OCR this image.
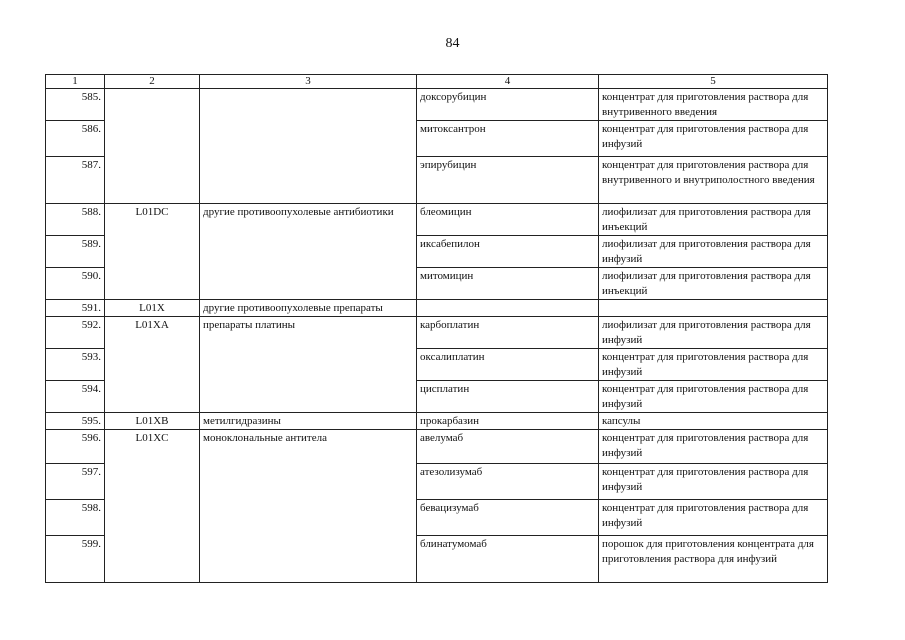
84
1	2	3	4	5
585.			доксорубицин	концентрат для приготовления раствора для внутривенного введения
586.			митоксантрон	концентрат для приготовления раствора для инфузий
587.			эпирубицин	концентрат для приготовления раствора для внутривенного и внутриполостного введения
588.	L01DC	другие противоопухолевые антибиотики	блеомицин	лиофилизат для приготовления раствора для инъекций
589.			иксабепилон	лиофилизат для приготовления раствора для инфузий
590.			митомицин	лиофилизат для приготовления раствора для инъекций
591.	L01X	другие противоопухолевые препараты		
592.	L01XA	препараты платины	карбоплатин	лиофилизат для приготовления раствора для инфузий
593.			оксалиплатин	концентрат для приготовления раствора для инфузий
594.			цисплатин	концентрат для приготовления раствора для инфузий
595.	L01XB	метилгидразины	прокарбазин	капсулы
596.	L01XC	моноклональные антитела	авелумаб	концентрат для приготовления раствора для инфузий
597.			атезолизумаб	концентрат для приготовления раствора для инфузий
598.			бевацизумаб	концентрат для приготовления раствора для инфузий
599.			блинатумомаб	порошок для приготовления концентрата для приготовления раствора для инфузий
